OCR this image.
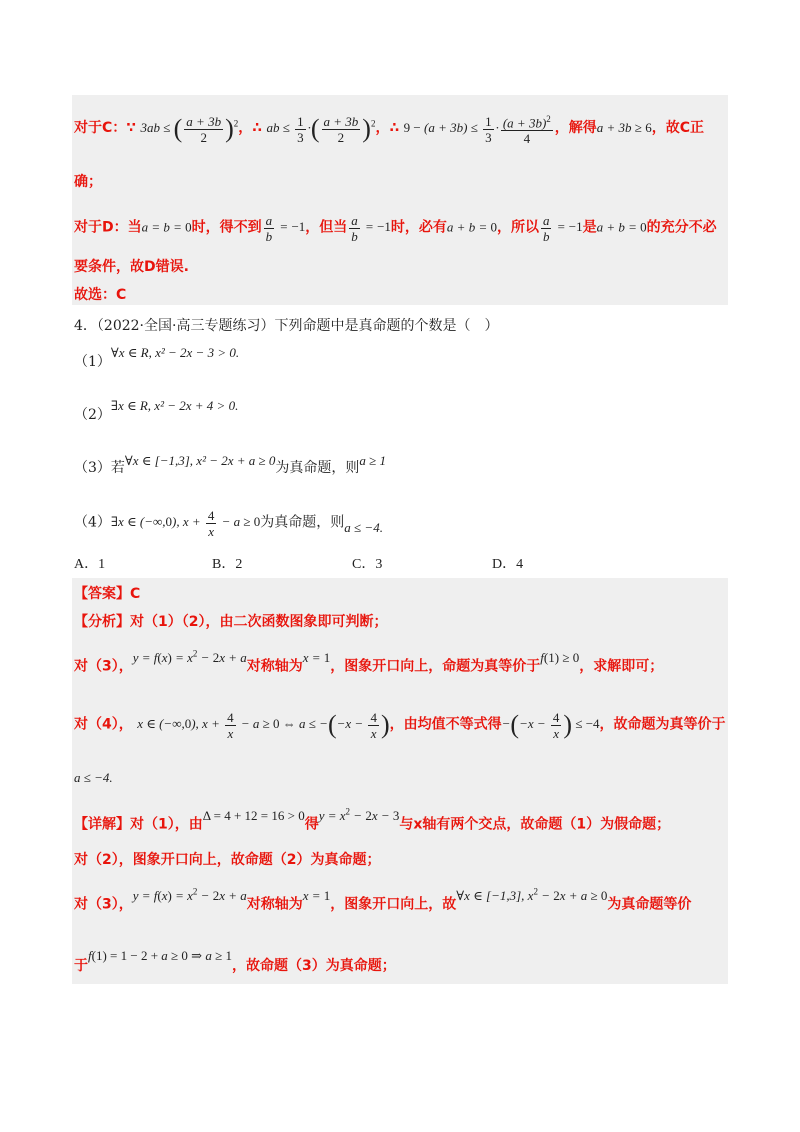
对于C：∵ 3ab ≤ ( $\frac{a + 3b}{2} )^2$，∴ ab ≤ $\frac{1}{3}$ ·( $\frac{a + 3b}{2} )^2$，∴ $9 - (a + 3b) \le \frac{1}{3} \cdot \frac{(a + 3b)^2}{4}$ ，解得a + 3b ≥ 6，故C正
确；
对于D：当a = b = 0时，得不到 $\frac{a}{b} = -1$，但当 $\frac{a}{b} = -1$时，必有a + b = 0，所以 $\frac{a}{b} = -1$是a + b = 0的充分不必
要条件，故D错误.
故选：C
4．（2022·全国·高三专题练习）下列命题中是真命题的个数是（　）
（1）∀x ∈ R, x² − 2x − 3 > 0.
（2）∃x ∈ R, x² − 2x + 4 > 0.
（3）若∀x ∈ [−1,3], x² − 2x + a ≥ 0为真命题，则a ≥ 1
（4）∃x ∈ (−∞,0), $x + \frac{4}{x} - a \ge 0$为真命题，则a ≤ −4.
A．1	B．2	C．3	D．4
【答案】C
【分析】对（1）（2），由二次函数图象即可判断；
对（3），$y = f(x) = x^2 - 2x + a$对称轴为x = 1，图象开口向上，命题为真等价于f(1) ≥ 0，求解即可；
对（4）， x ∈ (−∞,0), $x + \frac{4}{x} - a \ge 0$ ⇔ $a \le -(-x - \frac{4}{x}$ )，由均值不等式得$-(-x - \frac{4}{x}$ ) ≤ −4，故命题为真等价于
a ≤ −4.
【详解】对（1），由Δ = 4 + 12 = 16 > 0得$y = x^2 - 2x - 3$与x轴有两个交点，故命题（1）为假命题；
对（2），图象开口向上，故命题（2）为真命题；
对（3），$y = f(x) = x^2 - 2x + a$对称轴为x = 1，图象开口向上，故∀x ∈ [−1,3], $x^2 - 2x + a \ge 0$为真命题等价
于f(1) = 1 − 2 + a ≥ 0 ⇒ a ≥ 1，故命题（3）为真命题；
